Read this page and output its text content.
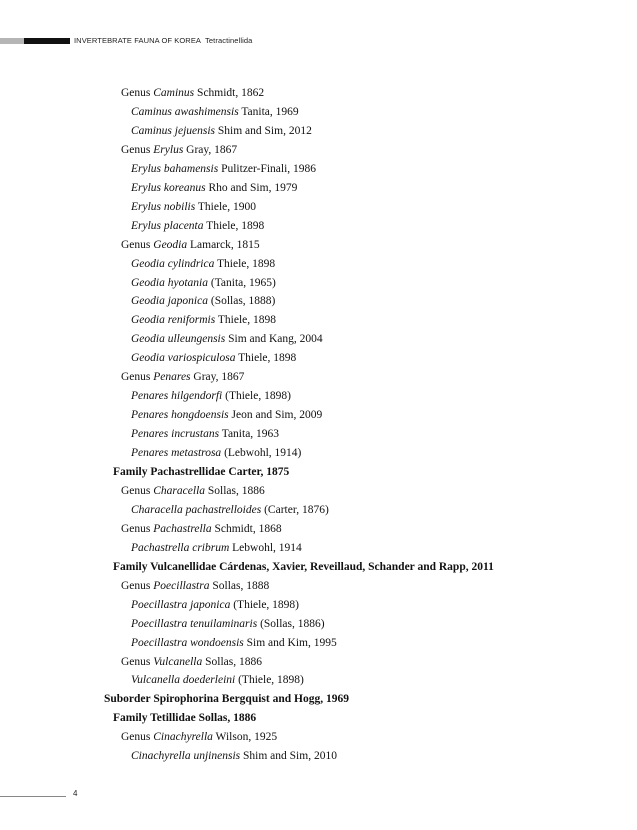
INVERTEBRATE FAUNA OF KOREA Tetractinellida
Genus Caminus Schmidt, 1862
Caminus awashimensis Tanita, 1969
Caminus jejuensis Shim and Sim, 2012
Genus Erylus Gray, 1867
Erylus bahamensis Pulitzer-Finali, 1986
Erylus koreanus Rho and Sim, 1979
Erylus nobilis Thiele, 1900
Erylus placenta Thiele, 1898
Genus Geodia Lamarck, 1815
Geodia cylindrica Thiele, 1898
Geodia hyotania (Tanita, 1965)
Geodia japonica (Sollas, 1888)
Geodia reniformis Thiele, 1898
Geodia ulleungensis Sim and Kang, 2004
Geodia variospiculosa Thiele, 1898
Genus Penares Gray, 1867
Penares hilgendorfi (Thiele, 1898)
Penares hongdoensis Jeon and Sim, 2009
Penares incrustans Tanita, 1963
Penares metastrosa (Lebwohl, 1914)
Family Pachastrellidae Carter, 1875
Genus Characella Sollas, 1886
Characella pachastrelloides (Carter, 1876)
Genus Pachastrella Schmidt, 1868
Pachastrella cribrum Lebwohl, 1914
Family Vulcanellidae Cárdenas, Xavier, Reveillaud, Schander and Rapp, 2011
Genus Poecillastra Sollas, 1888
Poecillastra japonica (Thiele, 1898)
Poecillastra tenuilaminaris (Sollas, 1886)
Poecillastra wondoensis Sim and Kim, 1995
Genus Vulcanella Sollas, 1886
Vulcanella doederleini (Thiele, 1898)
Suborder Spirophorina Bergquist and Hogg, 1969
Family Tetillidae Sollas, 1886
Genus Cinachyrella Wilson, 1925
Cinachyrella unjinensis Shim and Sim, 2010
4
